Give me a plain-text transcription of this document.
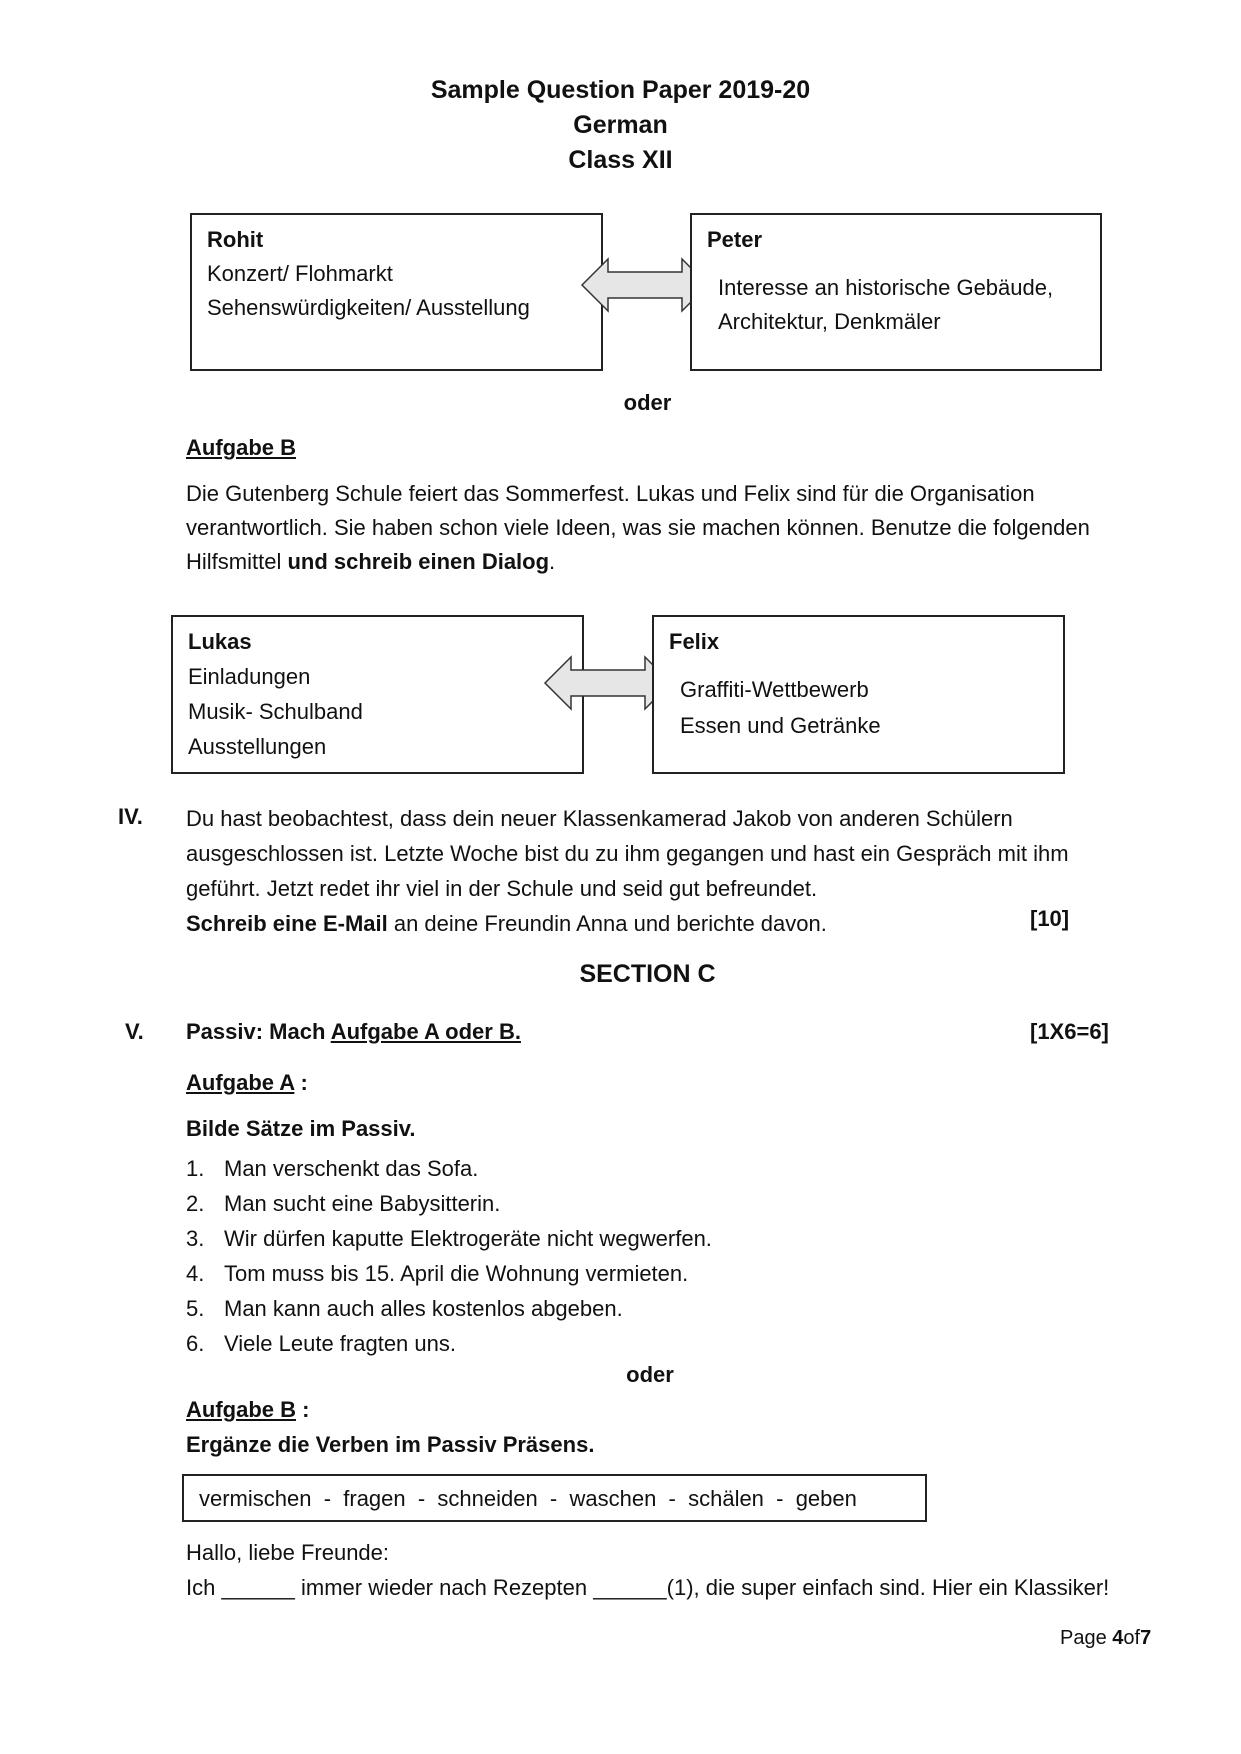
Sample Question Paper 2019-20
German
Class XII
Rohit
Konzert/ Flohmarkt
Sehenswürdigkeiten/ Ausstellung
Peter
Interesse an historische Gebäude,
Architektur, Denkmäler
oder
Aufgabe B
Die Gutenberg Schule feiert das Sommerfest. Lukas und Felix sind für die Organisation
verantwortlich. Sie haben schon viele Ideen, was sie machen können. Benutze die folgenden
Hilfsmittel und schreib einen Dialog.
Lukas
Einladungen
Musik- Schulband
Ausstellungen
Felix
Graffiti-Wettbewerb
Essen und Getränke
IV. Du hast beobachtest, dass dein neuer Klassenkamerad Jakob von anderen Schülern
ausgeschlossen ist. Letzte Woche bist du zu ihm gegangen und hast ein Gespräch mit ihm
geführt. Jetzt redet ihr viel in der Schule und seid gut befreundet.
Schreib eine E-Mail an deine Freundin Anna und berichte davon.	[10]
SECTION C
V. Passiv: Mach Aufgabe A oder B.	[1X6=6]
Aufgabe A :
Bilde Sätze im Passiv.
1. Man verschenkt das Sofa.
2. Man sucht eine Babysitterin.
3. Wir dürfen kaputte Elektrogeräte nicht wegwerfen.
4. Tom muss bis 15. April die Wohnung vermieten.
5. Man kann auch alles kostenlos abgeben.
6. Viele Leute fragten uns.
oder
Aufgabe B :
Ergänze die Verben im Passiv Präsens.
vermischen  -  fragen  -  schneiden  -  waschen  -  schälen  -  geben
Hallo, liebe Freunde:
Ich ______ immer wieder nach Rezepten ______(1), die super einfach sind. Hier ein Klassiker!
Page 4of7
